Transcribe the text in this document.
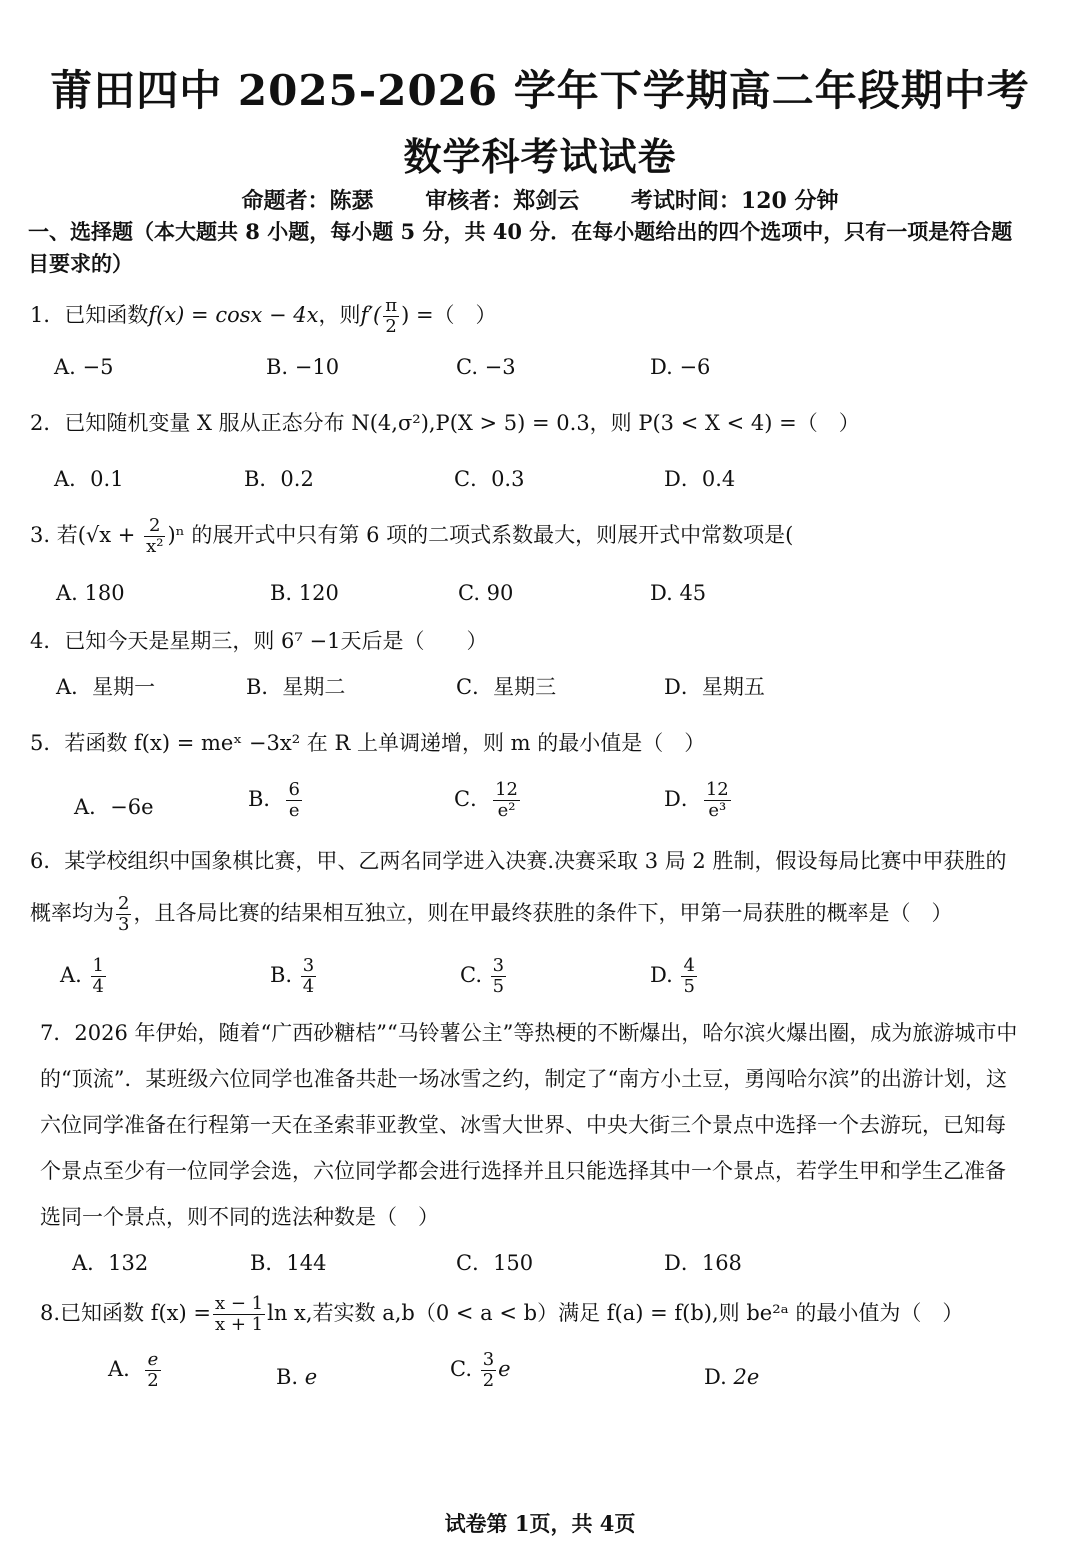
莆田四中 2025-2026 学年下学期高二年段期中考
数学科考试试卷
命题者：陈瑟 审核者：郑剑云 考试时间：120 分钟
一、选择题（本大题共 8 小题，每小题 5 分，共 40 分．在每小题给出的四个选项中，只有一项是符合题目要求的）
1．已知函数f(x) = cosx − 4x，则$f'( \frac{\pi}{2}$ ) =（　）
A. −5	B. −10	C. −3	D. −6
2．已知随机变量 X 服从正态分布 N(4,σ²),P(X > 5) = 0.3，则 P(3 < X < 4) =（　）
A．0.1	B．0.2	C．0.3	D．0.4
3. 若$(√x + \frac{2}{\text{x²}} )^n$ 的展开式中只有第 6 项的二项式系数最大，则展开式中常数项是(
A. 180	B. 120	C. 90	D. 45
4．已知今天是星期三，则 6⁷ −1天后是（　　）
A．星期一	B．星期二	C．星期三	D．星期五
5．若函数 f(x) = meˣ −3x² 在 R 上单调递增，则 m 的最小值是（　）
A．−6e	B． $\frac{6}{e}$	C． $\frac{12}{\text{e²}}$	D． $\frac{12}{\text{e³}}$
6．某学校组织中国象棋比赛，甲、乙两名同学进入决赛.决赛采取 3 局 2 胜制，假设每局比赛中甲获胜的
概率均为 $\frac{2}{3}$ ，且各局比赛的结果相互独立，则在甲最终获胜的条件下，甲第一局获胜的概率是（　）
A. $\frac{1}{4}$	B. $\frac{3}{4}$	C. $\frac{3}{5}$	D. $\frac{4}{5}$
7．2026 年伊始，随着“广西砂糖桔”“马铃薯公主”等热梗的不断爆出，哈尔滨火爆出圈，成为旅游城市中的“顶流”．某班级六位同学也准备共赴一场冰雪之约，制定了“南方小土豆，勇闯哈尔滨”的出游计划，这六位同学准备在行程第一天在圣索菲亚教堂、冰雪大世界、中央大街三个景点中选择一个去游玩，已知每个景点至少有一位同学会选，六位同学都会进行选择并且只能选择其中一个景点，若学生甲和学生乙准备选同一个景点，则不同的选法种数是（　）
A．132	B．144	C．150	D．168
8.已知函数 $f(x) = \frac{x - 1}{x + 1}$ ln x,若实数 a,b（0 < a < b）满足 f(a) = f(b),则 be²ᵃ 的最小值为（　）
A. $\frac{e}{2}$	B. e	C. $\frac{3}{2}$ e	D. 2e
试卷第 1页，共 4页
